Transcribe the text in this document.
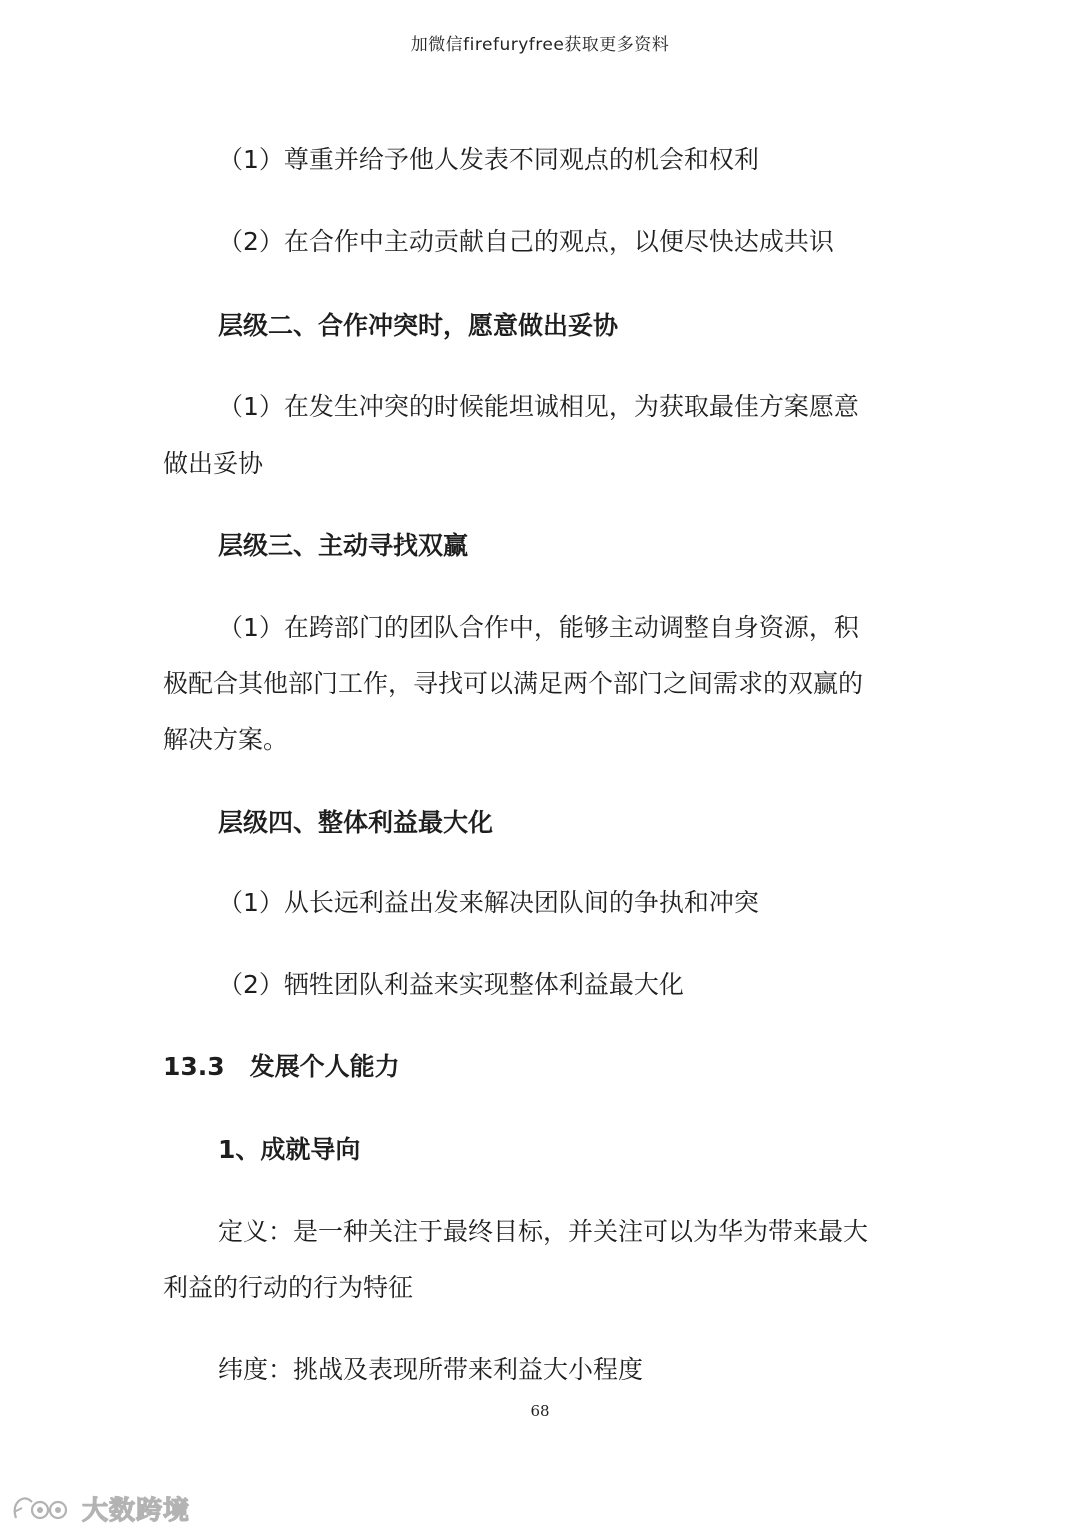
加微信firefuryfree获取更多资料
（1）尊重并给予他人发表不同观点的机会和权利
（2）在合作中主动贡献自己的观点，以便尽快达成共识
层级二、合作冲突时，愿意做出妥协
（1）在发生冲突的时候能坦诚相见，为获取最佳方案愿意
做出妥协
层级三、主动寻找双赢
（1）在跨部门的团队合作中，能够主动调整自身资源，积
极配合其他部门工作，寻找可以满足两个部门之间需求的双赢的
解决方案。
层级四、整体利益最大化
（1）从长远利益出发来解决团队间的争执和冲突
（2）牺牲团队利益来实现整体利益最大化
13.3　发展个人能力
1、成就导向
定义：是一种关注于最终目标，并关注可以为华为带来最大
利益的行动的行为特征
纬度：挑战及表现所带来利益大小程度
68
大数跨境
